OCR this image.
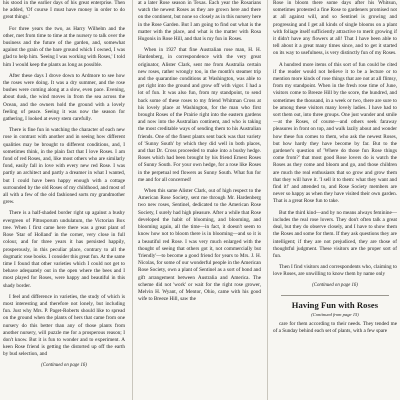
his stood in the earlier days of his great enterprise. Then he added, 'Of course I must have money in order to do great things.'

For three years the two, as Harry Wilhelm and the other, met from time to time at the nursery to talk over the business and the future of the garden, and, somewhat against the grain of the bare ground which I owned, I was glad to help him. 'Seeing I was working with Roses,' I told him I would keep the plants as long as possible.

After these days I drove down to Ardmore to see how the roses were doing. It was a dry summer, and the rose bushes were coming along at a slow, even pace. Evening, about dusk, the wind moves in from the sea across the Ocean, and the owners hold the ground with a lovely feeling of peace. Seeing it was now the season for gathering, I looked at every stem carefully.

There is fine fun in watching the character of each new rose in contrast with another and in seeing how different qualities may be brought to different conditions, and, I sometimes think, in the plain fact that I love Roses. I am fond of red Roses, and, like most others who are similarly fond, easily fall in love with every new red Rose. I was partly an architect and partly a dreamer in what I wanted, but I could have been happy enough with a cottage surrounded by the old Roses of my childhood, and most of all with a few of the old fashioned sorts my grandmother grew.

There is a half-shaded border right up against a bushy evergreen of Pittosporum undulatum, the Victorian Box tree. When I first came here there was a great plant of Rose 'Star of Holland' in the corner, very close in full colour, and for three years it has persisted happily, prosperously, in this peculiar place, contrary to all the dogmatic rose books. I consider this great fun. At the same time I found that other varieties which I could not get to behave adequately out in the open where the bees and I most played for Roses, were happy and beautiful in this shady border.

I feel and difference in varieties, the study of which is most interesting and therefore not lonely, but including fun. Just why Mrs. P. Paget-Roberts should like to spread on the ground when the plants of hers that came from one nursery do this better than any of those plants from another nursery, will puzzle me for a prosperous reason; I don't know. But it is fun to wonder and to experiment. A keen Rose friend is getting the distorted up off the earth by bud selection, and

(Continued on page 16)

at a later Rose season in Texas. Each year the Rosarians watch the newest Roses as they are grown here and there on the continent, but none so closely as in this nursery here in the Rose Garden. But I am going to find out what is the matter with the place, and what is the matter with Rosa Hugonis in Rose Hill, and that is my fun in Roses.

When in 1927 that fine Australian rose man, H. H. Hardenberg, in correspondence with the very great originator, Alister Clark, sent me from Australia certain new roses, rather wrongly too, in the month's steamer trip and the quarantine conditions at Washington, was able to get right into the ground and grow off with vigor. I had a lot of fun. It was also fun, from my standpoint, to send back some of these roses to my friend Whitman Cross at his lovely place at Washington, for the man who first brought Roses of the Prairie right into the eastern gardens and now into the Australian continent, and who is taking the most creditable ways of sending them to his Australian friends. One of the finest plants sent back was that variety of 'Sunny South' by which they did well in both places, and that Dr. Cross proceeded to make into a bushy hedge. Roses which had been brought by his friend Ernest Roses of Sunny South. For your own hedge, for a rose like Roses in the perpetual red flowers as Sunny South. What fun for me and for all concerned!

When this same Alister Clark, out of high respect to the American Rose Society, sent me through Mr. Hardenberg two new roses, Sentinel, dedicated to the American Rose Society, I surely had high pleasure. After a while that Rose developed the habit of blooming, and blooming, and blooming again, all the time—in fact, it doesn't seem to know how not to bloom there is in blooming—and so it is a beautiful red Rose. I was very much enlarged with the thought of seeing that others got it, not commercially but 'friendly'—to become a good friend for years to Mrs. J. H. Nicolas, for some of our wonderful people in the American Rose Society, own a plant of Sentinel as a sort of bond and gift arrangement between Australia and America. The scheme did not 'work' or wait for the right rose grower, Melvin H. Wyant, of Mentor, Ohio, came with his good wife to Breeze Hill, saw the

Rose in bloom there some days after his Whitsun, sometimes protested a fine Rose to gardeners promised not at all against will, and so Sentinel is growing and progressing and I get all kinds of single blooms on a plant with foliage itself sufficiently attractive to merit growing if it didn't have any flowers at all! That I have been able to tell about it a great many times since, and to get it started on its way to usefulness, is very distinctly fun of my Roses.

A hundred more items of this sort of fun could be cited if the reader would not believe it to be a lecture or to mention more kinds of rose things that are not at all flimsy, from my standpoint. When in the fresh rose time of June, visitors come to Breeze Hill by the score, the hundred, and sometimes the thousand, in a week or two, there are sure to be among these visitors many lovely ladies. I have had to sort them out, into three groups. One just wander and smile—at the Roses, of course—and others seek faraway pleasures in front on top, and walk lazily about and wonder how these fun comes to them, who ask the newest Roses, but how hardy they have become by far. But to the gardener's question of 'Where do those fun Rose things come from?' that most good Rose lovers do is watch the Roses as they come and bloom and go, and those children are much the real enthusiasts that so grow and grow them that they will have it. 'I sell it to them: what they want and find it!' and attended to, and Rose Society members are never so happy as when they have visited their own garden. That is a great Rose fun to take.

But the third kind—and by no means always feminine—includes the real rose lovers. They don't often talk a great deal, but they do observe closely, and I have to show them the Roses and some for them. If they ask questions they are intelligent; if they are not prejudiced, they are those of thoughtful judgment. These visitors are the proper sort of fun.

Then I find visitors and correspondents who, claiming to love Roses, are unwilling to know them by name only

(Continued on page 16)

Having Fun with Roses

(Continued from page 15)

care for them according to their needs. They tended me of a Sunday behind each set of plants, with a few spare
